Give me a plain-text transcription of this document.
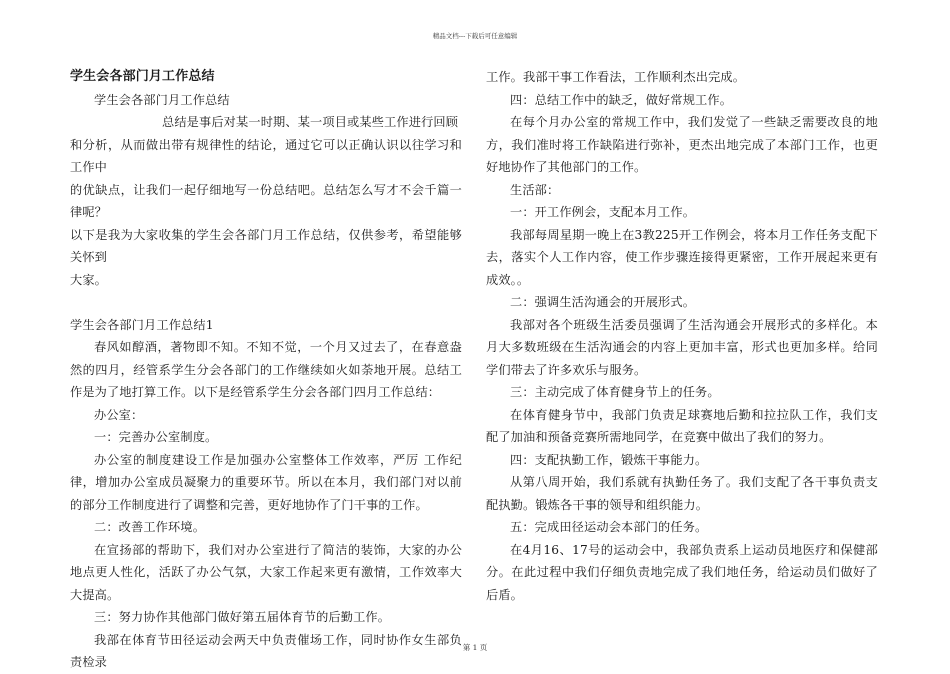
精品文档---下载后可任意编辑

学生会各部门月工作总结

学生会各部门月工作总结

总结是事后对某一时期、某一项目或某些工作进行回顾

和分析，从而做出带有规律性的结论，通过它可以正确认识以往学习和工作中

的优缺点，让我们一起仔细地写一份总结吧。总结怎么写才不会千篇一律呢？

以下是我为大家收集的学生会各部门月工作总结，仅供参考，希望能够关怀到

大家。

学生会各部门月工作总结1

春风如醇酒，著物即不知。不知不觉，一个月又过去了，在春意盎然的四月，经管系学生分会各部门的工作继续如火如荼地开展。总结工作是为了地打算工作。以下是经管系学生分会各部门四月工作总结：

办公室：

一：完善办公室制度。

办公室的制度建设工作是加强办公室整体工作效率，严厉 工作纪律，增加办公室成员凝聚力的重要环节。所以在本月，我们部门对以前的部分工作制度进行了调整和完善，更好地协作了门干事的工作。

二：改善工作环境。

在宣扬部的帮助下，我们对办公室进行了简洁的装饰，大家的办公地点更人性化，活跃了办公气氛，大家工作起来更有激情，工作效率大大提高。

三：努力协作其他部门做好第五届体育节的后勤工作。

我部在体育节田径运动会两天中负责催场工作，同时协作女生部负责检录

工作。我部干事工作看法，工作顺利杰出完成。

四：总结工作中的缺乏，做好常规工作。

在每个月办公室的常规工作中，我们发觉了一些缺乏需要改良的地方，我们准时将工作缺陷进行弥补，更杰出地完成了本部门工作，也更好地协作了其他部门的工作。

生活部：

一：开工作例会，支配本月工作。

我部每周星期一晚上在3教225开工作例会，将本月工作任务支配下去，落实个人工作内容，使工作步骤连接得更紧密，工作开展起来更有成效。。

二：强调生活沟通会的开展形式。

我部对各个班级生活委员强调了生活沟通会开展形式的多样化。本月大多数班级在生活沟通会的内容上更加丰富，形式也更加多样。给同学们带去了许多欢乐与服务。

三：主动完成了体育健身节上的任务。

在体育健身节中，我部门负责足球赛地后勤和拉拉队工作，我们支配了加油和预备竞赛所需地同学，在竞赛中做出了我们的努力。

四：支配执勤工作，锻炼干事能力。

从第八周开始，我们系就有执勤任务了。我们支配了各干事负责支配执勤。锻炼各干事的领导和组织能力。

五：完成田径运动会本部门的任务。

在4月16、17号的运动会中，我部负责系上运动员地医疗和保健部分。在此过程中我们仔细负责地完成了我们地任务，给运动员们做好了后盾。

第 1 页
